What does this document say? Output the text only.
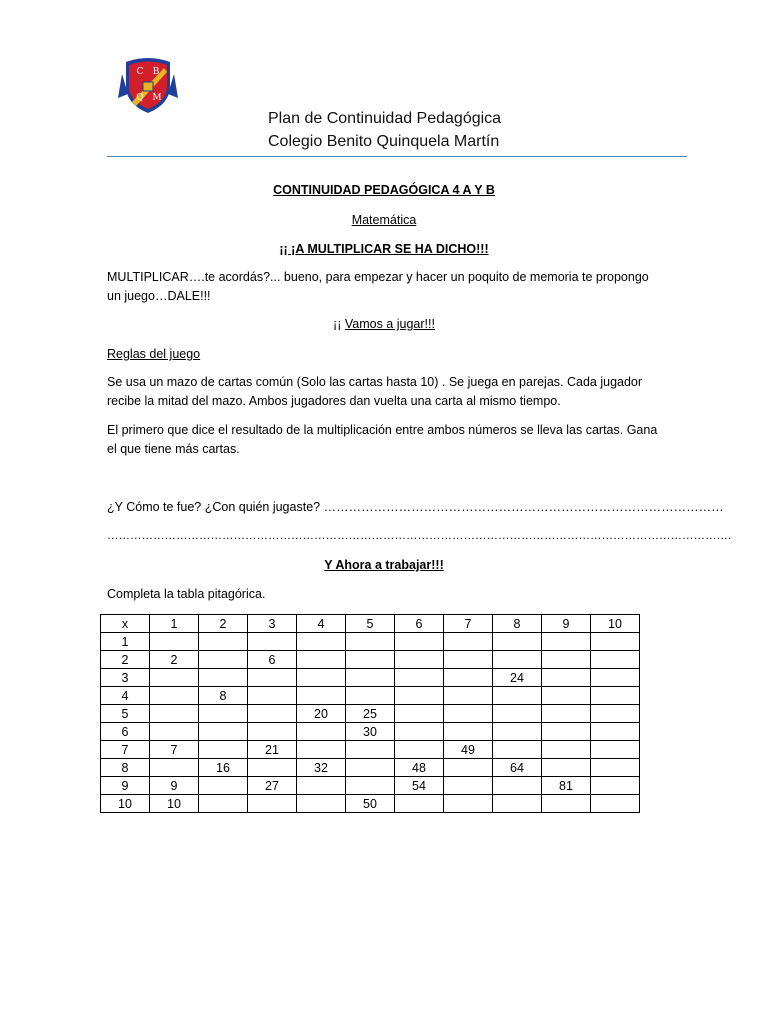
C B
Q M
Plan de Continuidad Pedagógica
Colegio Benito Quinquela Martín
CONTINUIDAD PEDAGÓGICA 4 A Y B
Matemática
¡¡ ¡A MULTIPLICAR SE HA DICHO!!!
MULTIPLICAR….te acordás?... bueno, para empezar y hacer un poquito de memoria te propongo
un juego…DALE!!!
¡¡ Vamos a jugar!!!
Reglas del juego
Se usa un mazo de cartas común (Solo las cartas hasta 10) . Se juega en parejas. Cada jugador
recibe la mitad del mazo. Ambos jugadores dan vuelta una carta al mismo tiempo.
El primero que dice el resultado de la multiplicación entre ambos números se lleva las cartas. Gana
el que tiene más cartas.
¿Y Cómo te fue? ¿Con quién jugaste? ……………………………………………………………………………………
……………………………………………………………………………………………………………………………………………….
Y Ahora a trabajar!!!
Completa la tabla pitagórica.
x	1	2	3	4	5	6	7	8	9	10
1										
2	2		6							
3								24		
4		8								
5				20	25					
6					30					
7	7		21				49			
8		16		32		48		64		
9	9		27			54			81	
10	10				50					
